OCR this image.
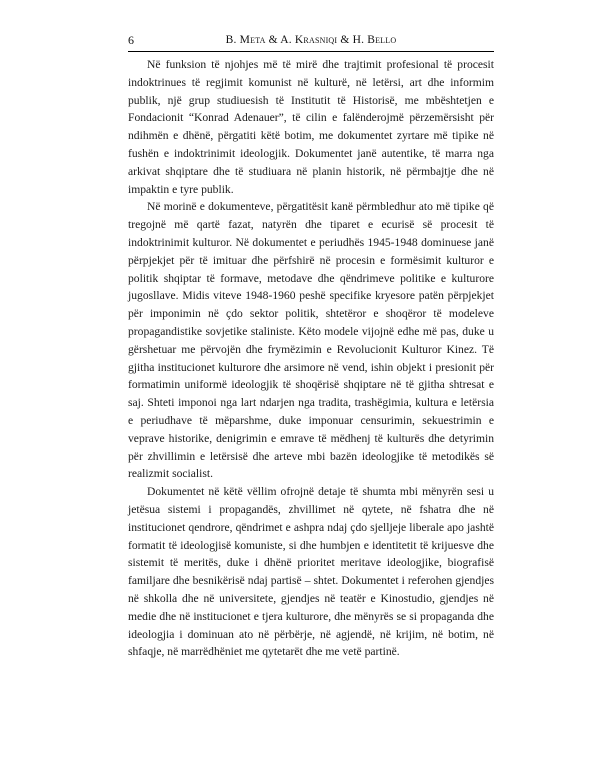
6	B. Meta & A. Krasniqi & H. Bello

Në funksion të njohjes më të mirë dhe trajtimit profesional të procesit indoktrinues të regjimit komunist në kulturë, në letërsi, art dhe informim publik, një grup studiuesish të Institutit të Historisë, me mbështetjen e Fondacionit “Konrad Adenauer”, të cilin e falënderojmë përzemërsisht për ndihmën e dhënë, përgatiti këtë botim, me dokumentet zyrtare më tipike në fushën e indoktrinimit ideologjik. Dokumentet janë autentike, të marra nga arkivat shqiptare dhe të studiuara në planin historik, në përmbajtje dhe në impaktin e tyre publik.

Në morinë e dokumenteve, përgatitësit kanë përmbledhur ato më tipike që tregojnë më qartë fazat, natyrën dhe tiparet e ecurisë së procesit të indoktrinimit kulturor. Në dokumentet e periudhës 1945-1948 dominuese janë përpjekjet për të imituar dhe përfshirë në procesin e formësimit kulturor e politik shqiptar të formave, metodave dhe qëndrimeve politike e kulturore jugosllave. Midis viteve 1948-1960 peshë specifike kryesore patën përpjekjet për imponimin në çdo sektor politik, shtetëror e shoqëror të modeleve propagandistike sovjetike staliniste. Këto modele vijojnë edhe më pas, duke u gërshetuar me përvojën dhe frymëzimin e Revolucionit Kulturor Kinez. Të gjitha institucionet kulturore dhe arsimore në vend, ishin objekt i presionit për formatimin uniformë ideologjik të shoqërisë shqiptare në të gjitha shtresat e saj. Shteti imponoi nga lart ndarjen nga tradita, trashëgimia, kultura e letërsia e periudhave të mëparshme, duke imponuar censurimin, sekuestrimin e veprave historike, denigrimin e emrave të mëdhenj të kulturës dhe detyrimin për zhvillimin e letërsisë dhe arteve mbi bazën ideologjike të metodikës së realizmit socialist.

Dokumentet në këtë vëllim ofrojnë detaje të shumta mbi mënyrën sesi u jetësua sistemi i propagandës, zhvillimet në qytete, në fshatra dhe në institucionet qendrore, qëndrimet e ashpra ndaj çdo sjelljeje liberale apo jashtë formatit të ideologjisë komuniste, si dhe humbjen e identitetit të krijuesve dhe sistemit të meritës, duke i dhënë prioritet meritave ideologjike, biografisë familjare dhe besnikërisë ndaj partisë – shtet. Dokumentet i referohen gjendjes në shkolla dhe në universitete, gjendjes në teatër e Kinostudio, gjendjes në medie dhe në institucionet e tjera kulturore, dhe mënyrës se si propaganda dhe ideologjia i dominuan ato në përbërje, në agjendë, në krijim, në botim, në shfaqje, në marrëdhëniet me qytetarët dhe me vetë partinë.
